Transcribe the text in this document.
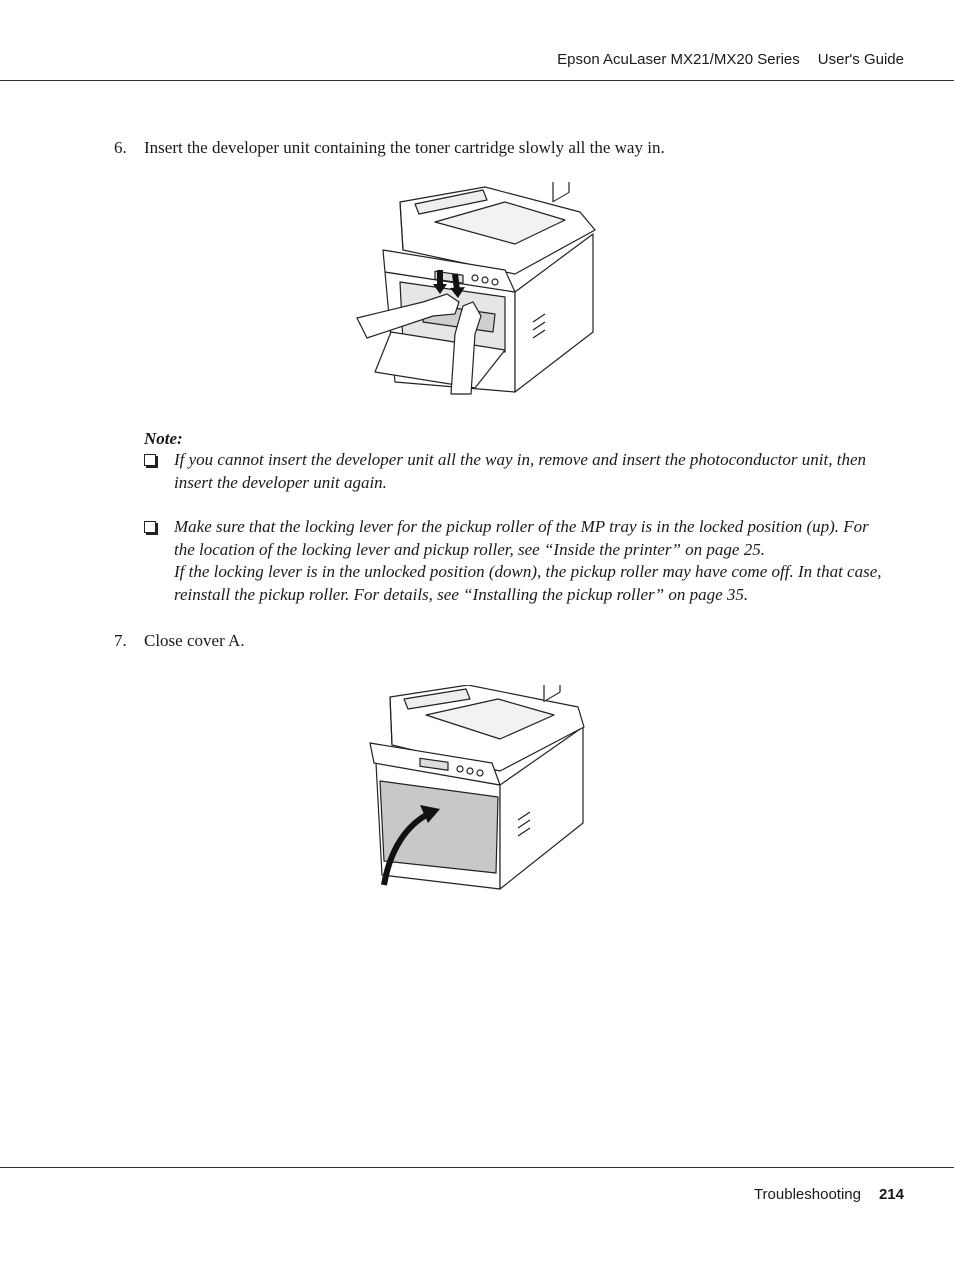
Epson AcuLaser MX21/MX20 Series User's Guide
6. Insert the developer unit containing the toner cartridge slowly all the way in.
Note:
If you cannot insert the developer unit all the way in, remove and insert the photoconductor unit, then insert the developer unit again.

Make sure that the locking lever for the pickup roller of the MP tray is in the locked position (up). For the location of the locking lever and pickup roller, see “Inside the printer” on page 25.

If the locking lever is in the unlocked position (down), the pickup roller may have come off. In that case, reinstall the pickup roller. For details, see “Installing the pickup roller” on page 35.

7. Close cover A.
Troubleshooting 214
